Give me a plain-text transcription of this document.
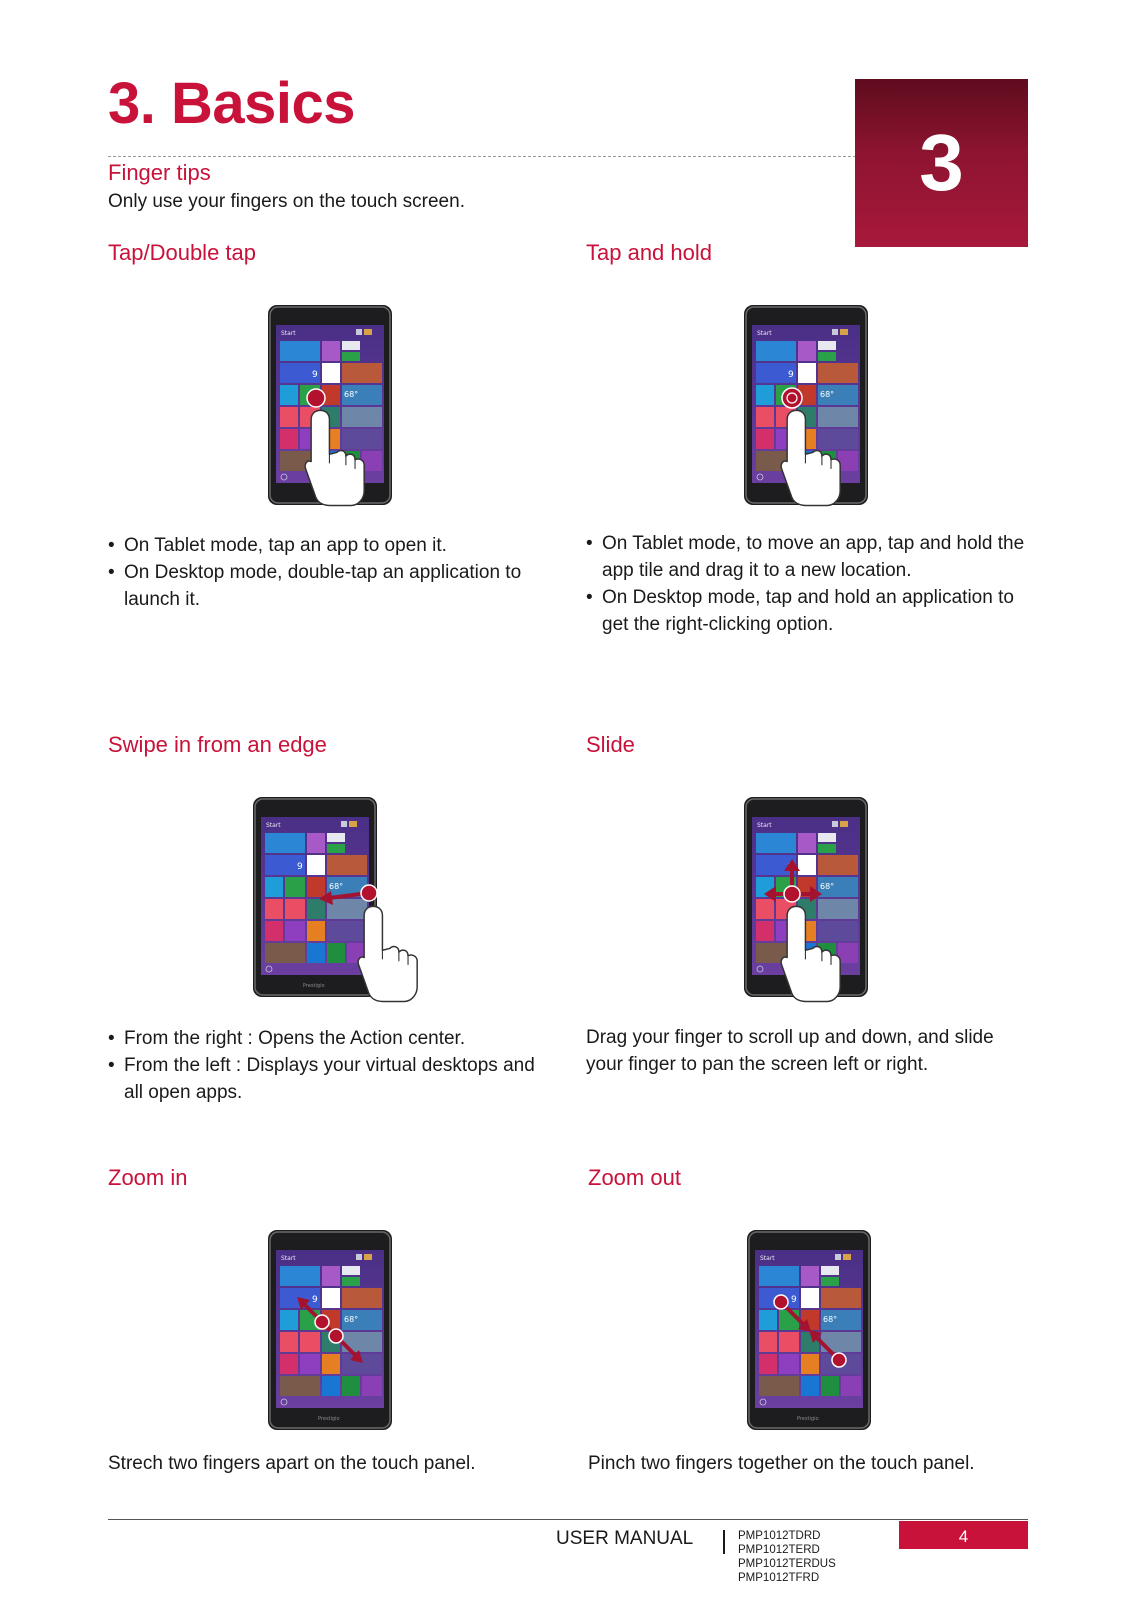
3. Basics
3
Finger tips
Only use your fingers on the touch screen.
Tap/Double tap
• On Tablet mode, tap an app to open it.
• On Desktop mode, double-tap an application to launch it.
Tap and hold
• On Tablet mode, to move an app, tap and hold the app tile and drag it to a new location.
• On Desktop mode, tap and hold an application to get the right-clicking option.
Swipe in from an edge
• From the right : Opens the Action center.
• From the left : Displays your virtual desktops and all open apps.
Slide

Drag your finger to scroll up and down, and slide your finger to pan the screen left or right.

Zoom in

Strech two fingers apart on the touch panel.

Zoom out

Pinch two fingers together on the touch panel.

USER MANUAL	PMP1012TDRD
PMP1012TERD
PMP1012TERDUS
PMP1012TFRD
4
